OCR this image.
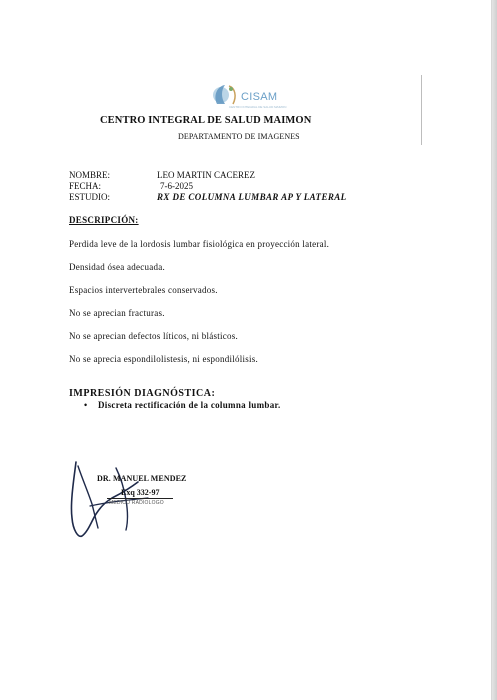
CISAM
CENTRO INTEGRAL DE SALUD MAIMON
CENTRO INTEGRAL DE SALUD MAIMON
DEPARTAMENTO DE IMAGENES
NOMBRE:	LEO MARTIN CACEREZ
FECHA:	7-6-2025
ESTUDIO:	RX DE COLUMNA LUMBAR AP Y LATERAL
DESCRIPCIÓN:
Perdida leve de la lordosis lumbar fisiológica en proyección lateral.
Densidad ósea adecuada.
Espacios intervertebrales conservados.
No se aprecian fracturas.
No se aprecian defectos líticos, ni blásticos.
No se aprecia espondilolistesis, ni espondilólisis.
IMPRESIÓN DIAGNÓSTICA:
• Discreta rectificación de la columna lumbar.
DR. MANUEL MENDEZ
Exq 332-97
MEDICO RADIOLOGO
